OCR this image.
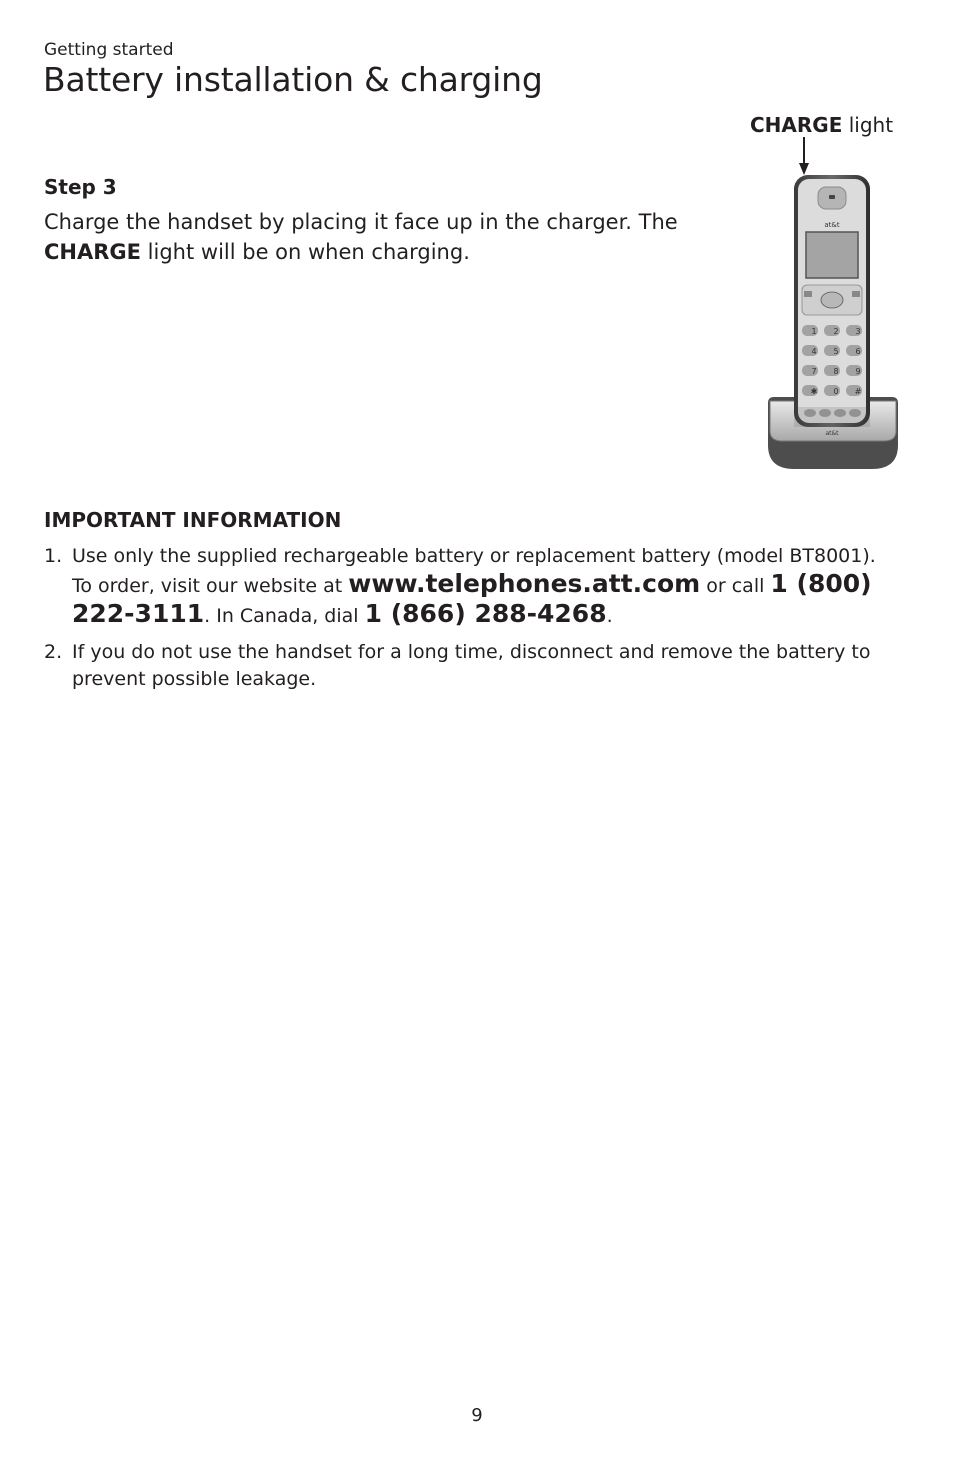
Getting started
Battery installation & charging
CHARGE light
Step 3
Charge the handset by placing it face up in the charger. The CHARGE light will be on when charging.
at&t
1 2 3
4 5 6
7 8 9
✱ 0 #
at&t
IMPORTANT INFORMATION
1. Use only the supplied rechargeable battery or replacement battery (model BT8001). To order, visit our website at www.telephones.att.com or call 1 (800) 222-3111. In Canada, dial 1 (866) 288-4268.
2. If you do not use the handset for a long time, disconnect and remove the battery to prevent possible leakage.
9
